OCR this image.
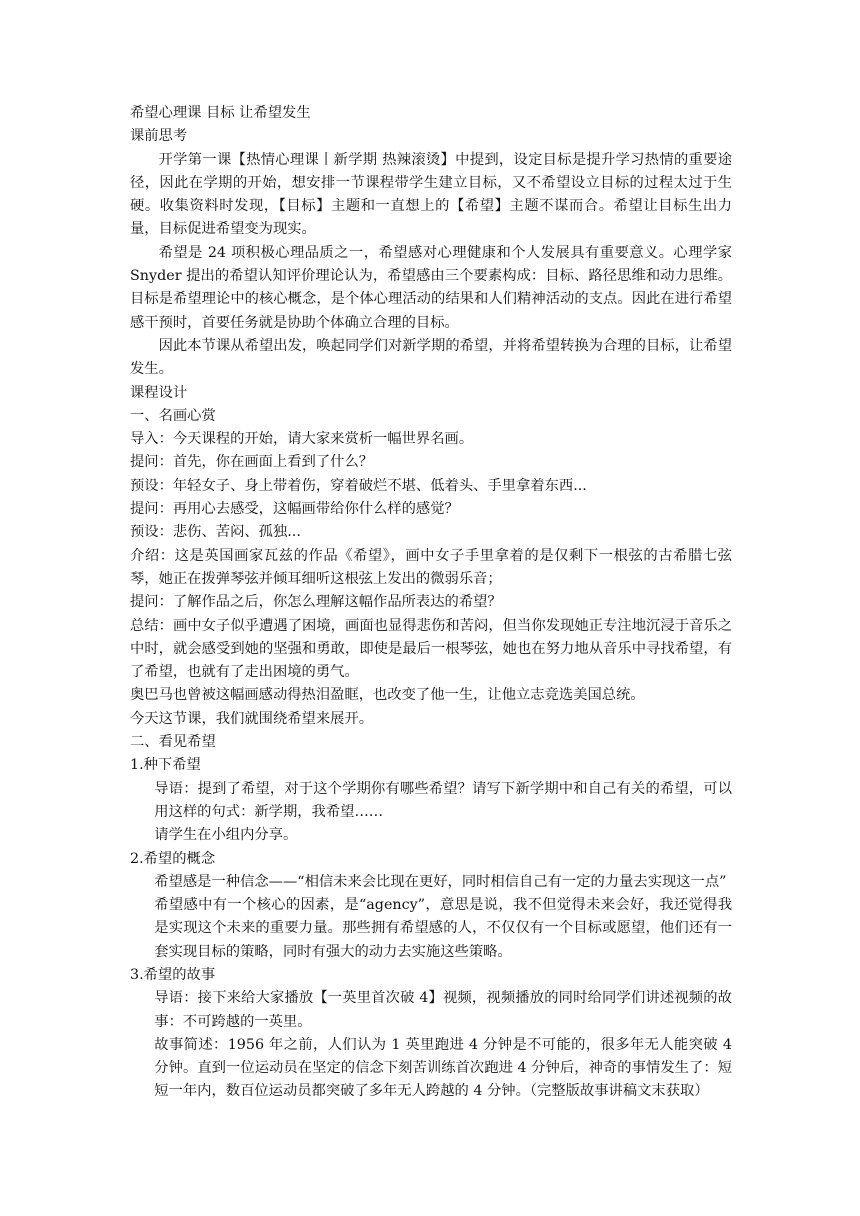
希望心理课 目标 让希望发生
课前思考
开学第一课【热情心理课丨新学期 热辣滚烫】中提到，设定目标是提升学习热情的重要途径，因此在学期的开始，想安排一节课程带学生建立目标，又不希望设立目标的过程太过于生硬。收集资料时发现，【目标】主题和一直想上的【希望】主题不谋而合。希望让目标生出力量，目标促进希望变为现实。
希望是 24 项积极心理品质之一，希望感对心理健康和个人发展具有重要意义。心理学家 Snyder 提出的希望认知评价理论认为，希望感由三个要素构成：目标、路径思维和动力思维。目标是希望理论中的核心概念，是个体心理活动的结果和人们精神活动的支点。因此在进行希望感干预时，首要任务就是协助个体确立合理的目标。
因此本节课从希望出发，唤起同学们对新学期的希望，并将希望转换为合理的目标，让希望发生。
课程设计
一、名画心赏
导入：今天课程的开始，请大家来赏析一幅世界名画。
提问：首先，你在画面上看到了什么？
预设：年轻女子、身上带着伤，穿着破烂不堪、低着头、手里拿着东西...
提问：再用心去感受，这幅画带给你什么样的感觉？
预设：悲伤、苦闷、孤独...
介绍：这是英国画家瓦兹的作品《希望》，画中女子手里拿着的是仅剩下一根弦的古希腊七弦琴，她正在拨弹琴弦并倾耳细听这根弦上发出的微弱乐音；
提问：了解作品之后，你怎么理解这幅作品所表达的希望？
总结：画中女子似乎遭遇了困境，画面也显得悲伤和苦闷，但当你发现她正专注地沉浸于音乐之中时，就会感受到她的坚强和勇敢，即使是最后一根琴弦，她也在努力地从音乐中寻找希望，有了希望，也就有了走出困境的勇气。
奥巴马也曾被这幅画感动得热泪盈眶，也改变了他一生，让他立志竞选美国总统。
今天这节课，我们就围绕希望来展开。
二、看见希望
1.种下希望
导语：提到了希望，对于这个学期你有哪些希望？请写下新学期中和自己有关的希望，可以用这样的句式：新学期，我希望……
请学生在小组内分享。
2.希望的概念
希望感是一种信念——“相信未来会比现在更好，同时相信自己有一定的力量去实现这一点”
希望感中有一个核心的因素，是“agency”，意思是说，我不但觉得未来会好，我还觉得我是实现这个未来的重要力量。那些拥有希望感的人，不仅仅有一个目标或愿望，他们还有一套实现目标的策略，同时有强大的动力去实施这些策略。
3.希望的故事
导语：接下来给大家播放【一英里首次破 4】视频，视频播放的同时给同学们讲述视频的故事：不可跨越的一英里。
故事简述：1956 年之前，人们认为 1 英里跑进 4 分钟是不可能的，很多年无人能突破 4 分钟。直到一位运动员在坚定的信念下刻苦训练首次跑进 4 分钟后，神奇的事情发生了：短短一年内，数百位运动员都突破了多年无人跨越的 4 分钟。（完整版故事讲稿文末获取）
